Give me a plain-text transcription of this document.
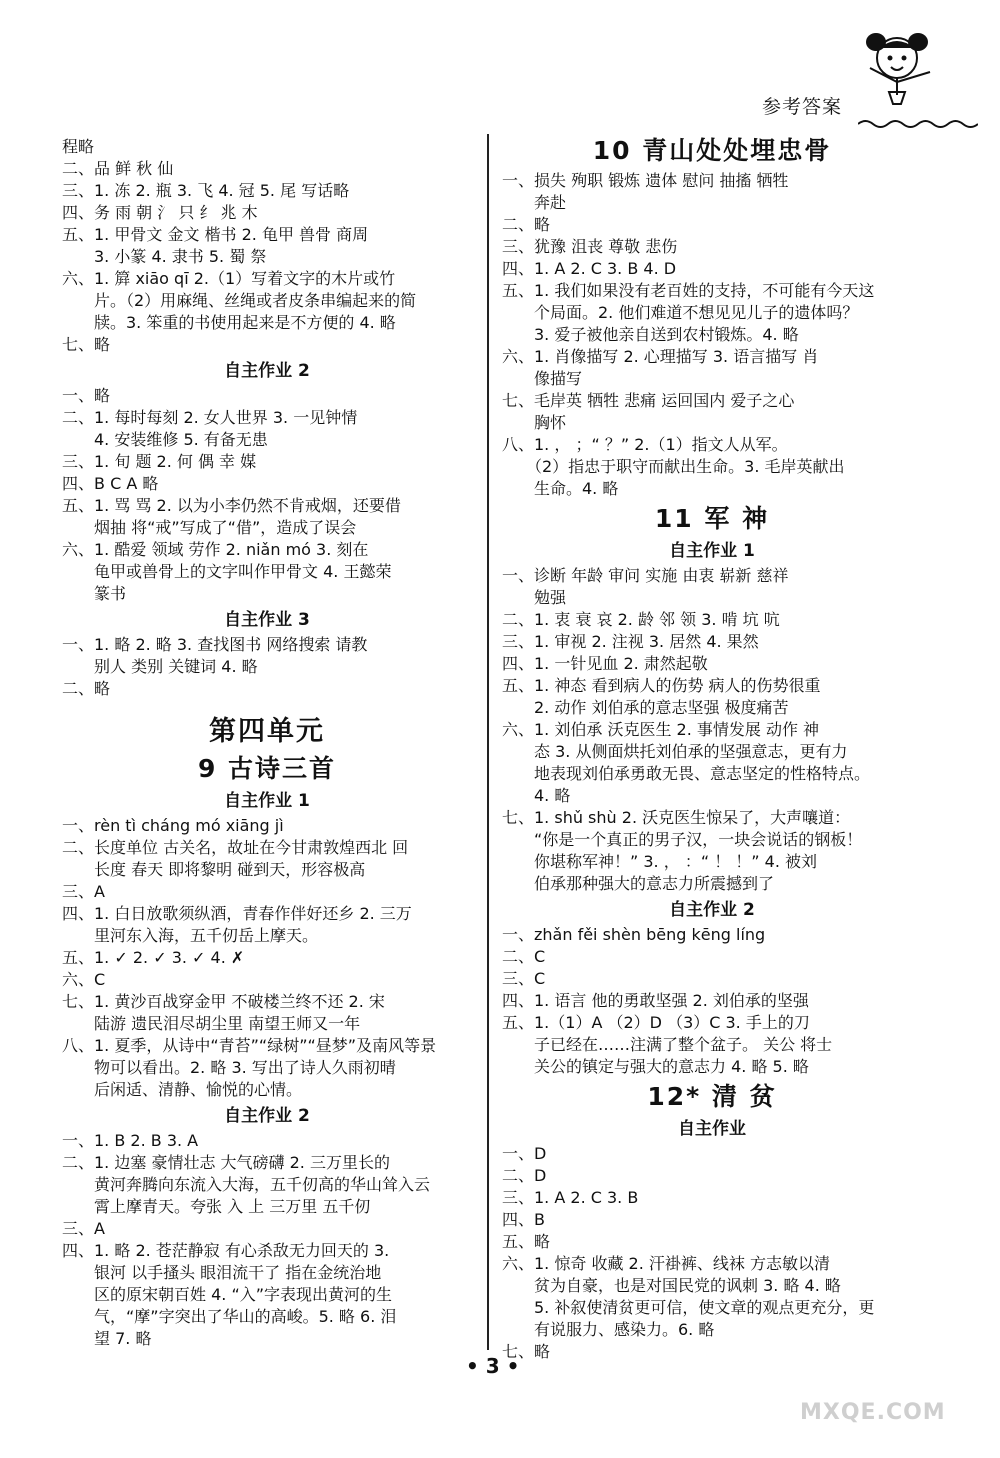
参考答案
程略
二、品 鲜 秋 仙
三、1. 冻 2. 瓶 3. 飞 4. 冠 5. 尾 写话略
四、务 雨 朝 氵 只 纟 兆 木
五、1. 甲骨文 金文 楷书 2. 龟甲 兽骨 商周
　　3. 小篆 4. 隶书 5. 蜀 祭
六、1. 簈 xiāo qī 2.（1）写着文字的木片或竹
　　片。（2）用麻绳、丝绳或者皮条串编起来的简
　　牍。3. 笨重的书使用起来是不方便的 4. 略
七、略
自主作业 2
一、略
二、1. 每时每刻 2. 女人世界 3. 一见钟情
　　4. 安装维修 5. 有备无患
三、1. 旬 题 2. 何 偶 幸 媒
四、B C A 略
五、1. 骂 骂 2. 以为小李仍然不肯戒烟，还要借
　　烟抽 将“戒”写成了“借”，造成了误会
六、1. 酷爱 领域 劳作 2. niǎn mó 3. 刻在
　　龟甲或兽骨上的文字叫作甲骨文 4. 王懿荣
　　篆书
自主作业 3
一、1. 略 2. 略 3. 查找图书 网络搜索 请教
　　别人 类别 关键词 4. 略
二、略
第四单元
9 古诗三首
自主作业 1
一、rèn tì cháng mó xiāng jì
二、长度单位 古关名，故址在今甘肃敦煌西北 回
　　长度 春天 即将黎明 碰到天，形容极高
三、A
四、1. 白日放歌须纵酒，青春作伴好还乡 2. 三万
　　里河东入海，五千仞岳上摩天。
五、1. ✓ 2. ✓ 3. ✓ 4. ✗
六、C
七、1. 黄沙百战穿金甲 不破楼兰终不还 2. 宋
　　陆游 遗民泪尽胡尘里 南望王师又一年
八、1. 夏季，从诗中“青苔”“绿树”“昼梦”及南风等景
　　物可以看出。2. 略 3. 写出了诗人久雨初晴
　　后闲适、清静、愉悦的心情。
自主作业 2
一、1. B 2. B 3. A
二、1. 边塞 豪情壮志 大气磅礴 2. 三万里长的
　　黄河奔腾向东流入大海，五千仞高的华山耸入云
　　霄上摩青天。夸张 入 上 三万里 五千仞
三、A
四、1. 略 2. 苍茫静寂 有心杀敌无力回天的 3.
　　银河 以手搔头 眼泪流干了 指在金统治地
　　区的原宋朝百姓 4. “入”字表现出黄河的生
　　气，“摩”字突出了华山的高峻。5. 略 6. 泪
　　望 7. 略
10 青山处处埋忠骨
一、损失 殉职 锻炼 遗体 慰问 抽搐 牺牲
　　奔赴
二、略
三、犹豫 沮丧 尊敬 悲伤
四、1. A 2. C 3. B 4. D
五、1. 我们如果没有老百姓的支持，不可能有今天这
　　个局面。2. 他们难道不想见见儿子的遗体吗？
　　3. 爱子被他亲自送到农村锻炼。4. 略
六、1. 肖像描写 2. 心理描写 3. 语言描写 肖
　　像描写
七、毛岸英 牺牲 悲痛 运回国内 爱子之心
　　胸怀
八、1. ， ；“ ？” 2.（1）指文人从军。
　　（2）指忠于职守而献出生命。3. 毛岸英献出
　　生命。4. 略
11 军 神
自主作业 1
一、诊断 年龄 审问 实施 由衷 崭新 慈祥
　　勉强
二、1. 衷 衰 哀 2. 龄 邻 领 3. 啃 坑 吭
三、1. 审视 2. 注视 3. 居然 4. 果然
四、1. 一针见血 2. 肃然起敬
五、1. 神态 看到病人的伤势 病人的伤势很重
　　2. 动作 刘伯承的意志坚强 极度痛苦
六、1. 刘伯承 沃克医生 2. 事情发展 动作 神
　　态 3. 从侧面烘托刘伯承的坚强意志，更有力
　　地表现刘伯承勇敢无畏、意志坚定的性格特点。
　　4. 略
七、1. shǔ shù 2. 沃克医生惊呆了，大声嚷道：
　　“你是一个真正的男子汉，一块会说话的钢板！
　　你堪称军神！” 3. ， ：“ ！ ！” 4. 被刘
　　伯承那种强大的意志力所震撼到了
自主作业 2
一、zhǎn fěi shèn bēng kēng líng
二、C
三、C
四、1. 语言 他的勇敢坚强 2. 刘伯承的坚强
五、1.（1）A （2）D （3）C 3. 手上的刀
　　子已经在……注满了整个盆子。 关公 将士
　　关公的镇定与强大的意志力 4. 略 5. 略
12* 清 贫
自主作业
一、D
二、D
三、1. A 2. C 3. B
四、B
五、略
六、1. 惊奇 收藏 2. 汗褂裤、线袜 方志敏以清
　　贫为自豪，也是对国民党的讽刺 3. 略 4. 略
　　5. 补叙使清贫更可信，使文章的观点更充分，更
　　有说服力、感染力。6. 略
七、略
• 3 •
MXQE.COM
